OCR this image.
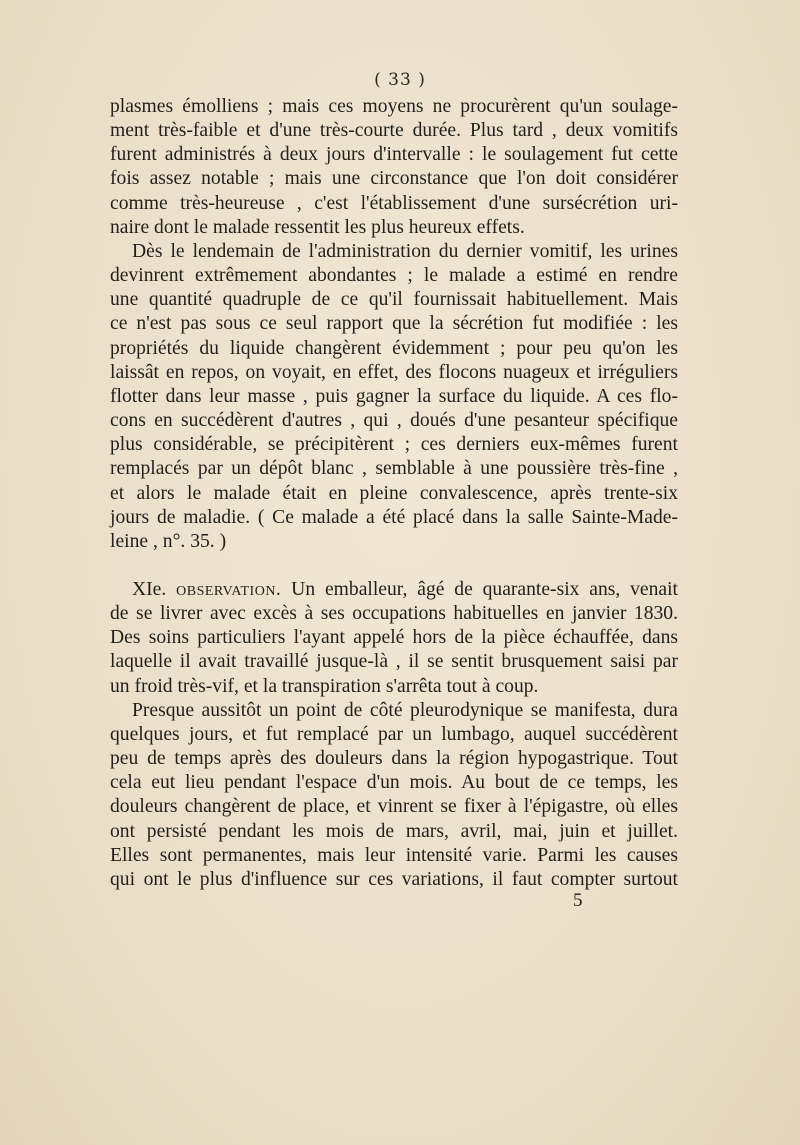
( 33 )

plasmes émolliens ; mais ces moyens ne procurèrent qu'un soulage-

ment très-faible et d'une très-courte durée. Plus tard , deux vomitifs

furent administrés à deux jours d'intervalle : le soulagement fut cette

fois assez notable ; mais une circonstance que l'on doit considérer

comme très-heureuse , c'est l'établissement d'une sursécrétion uri-

naire dont le malade ressentit les plus heureux effets.

Dès le lendemain de l'administration du dernier vomitif, les urines

devinrent extrêmement abondantes ; le malade a estimé en rendre

une quantité quadruple de ce qu'il fournissait habituellement. Mais

ce n'est pas sous ce seul rapport que la sécrétion fut modifiée : les

propriétés du liquide changèrent évidemment ; pour peu qu'on les

laissât en repos, on voyait, en effet, des flocons nuageux et irréguliers

flotter dans leur masse , puis gagner la surface du liquide. A ces flo-

cons en succédèrent d'autres , qui , doués d'une pesanteur spécifique

plus considérable, se précipitèrent ; ces derniers eux-mêmes furent

remplacés par un dépôt blanc , semblable à une poussière très-fine ,

et alors le malade était en pleine convalescence, après trente-six

jours de maladie. ( Ce malade a été placé dans la salle Sainte-Made-

leine , n°. 35. )

XIe. observation. Un emballeur, âgé de quarante-six ans, venait

de se livrer avec excès à ses occupations habituelles en janvier 1830.

Des soins particuliers l'ayant appelé hors de la pièce échauffée, dans

laquelle il avait travaillé jusque-là , il se sentit brusquement saisi par

un froid très-vif, et la transpiration s'arrêta tout à coup.

Presque aussitôt un point de côté pleurodynique se manifesta, dura

quelques jours, et fut remplacé par un lumbago, auquel succédèrent

peu de temps après des douleurs dans la région hypogastrique. Tout

cela eut lieu pendant l'espace d'un mois. Au bout de ce temps, les

douleurs changèrent de place, et vinrent se fixer à l'épigastre, où elles

ont persisté pendant les mois de mars, avril, mai, juin et juillet.

Elles sont permanentes, mais leur intensité varie. Parmi les causes

qui ont le plus d'influence sur ces variations, il faut compter surtout

5
